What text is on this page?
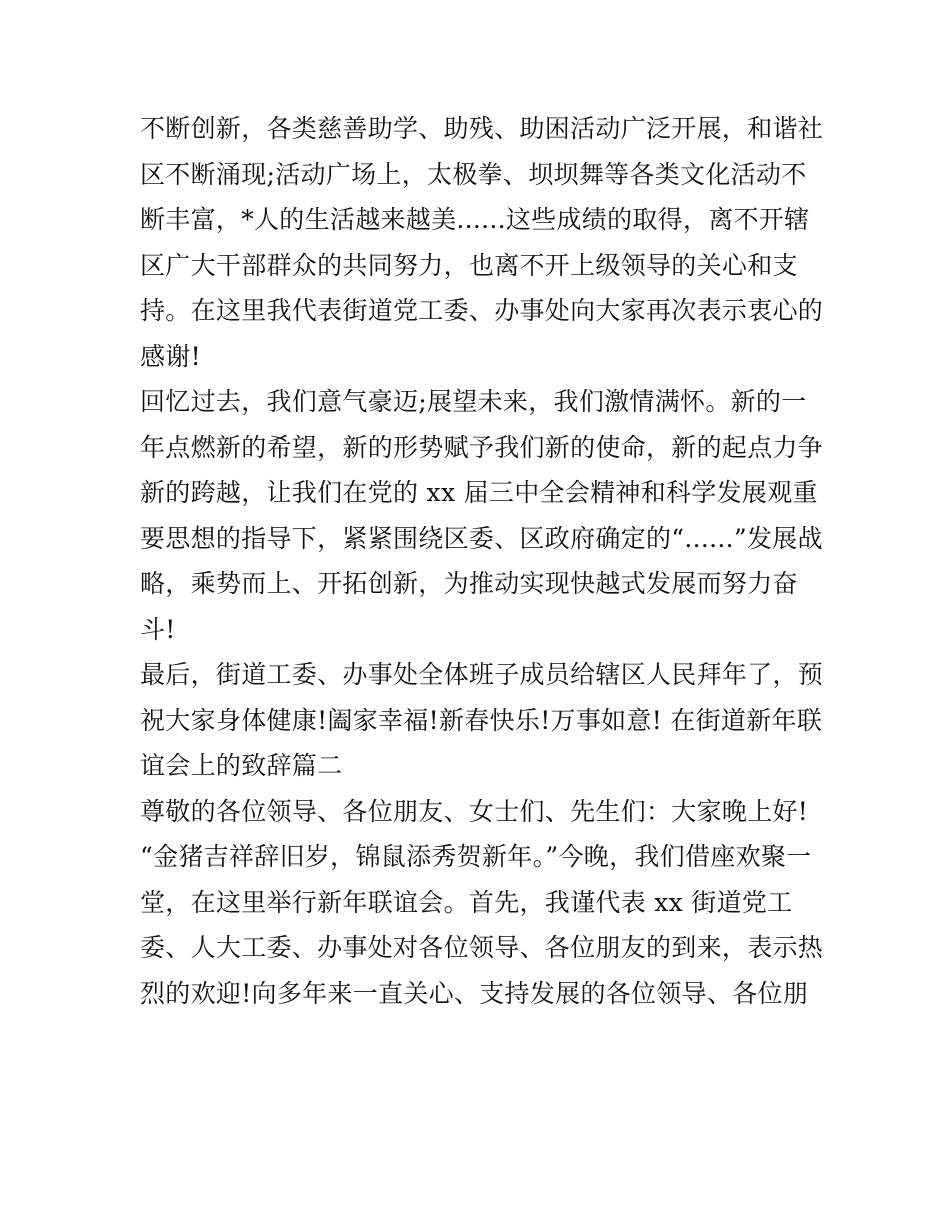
不断创新，各类慈善助学、助残、助困活动广泛开展，和谐社
区不断涌现;活动广场上，太极拳、坝坝舞等各类文化活动不
断丰富，*人的生活越来越美......这些成绩的取得，离不开辖
区广大干部群众的共同努力，也离不开上级领导的关心和支
持。在这里我代表街道党工委、办事处向大家再次表示衷心的
感谢!
回忆过去，我们意气豪迈;展望未来，我们激情满怀。新的一
年点燃新的希望，新的形势赋予我们新的使命，新的起点力争
新的跨越，让我们在党的 xx 届三中全会精神和科学发展观重
要思想的指导下，紧紧围绕区委、区政府确定的“......”发展战
略，乘势而上、开拓创新，为推动实现快越式发展而努力奋
斗!
最后，街道工委、办事处全体班子成员给辖区人民拜年了，预
祝大家身体健康!阖家幸福!新春快乐!万事如意! 在街道新年联
谊会上的致辞篇二
尊敬的各位领导、各位朋友、女士们、先生们：大家晚上好!
“金猪吉祥辞旧岁，锦鼠添秀贺新年。”今晚，我们借座欢聚一
堂，在这里举行新年联谊会。首先，我谨代表 xx 街道党工
委、人大工委、办事处对各位领导、各位朋友的到来，表示热
烈的欢迎!向多年来一直关心、支持发展的各位领导、各位朋
